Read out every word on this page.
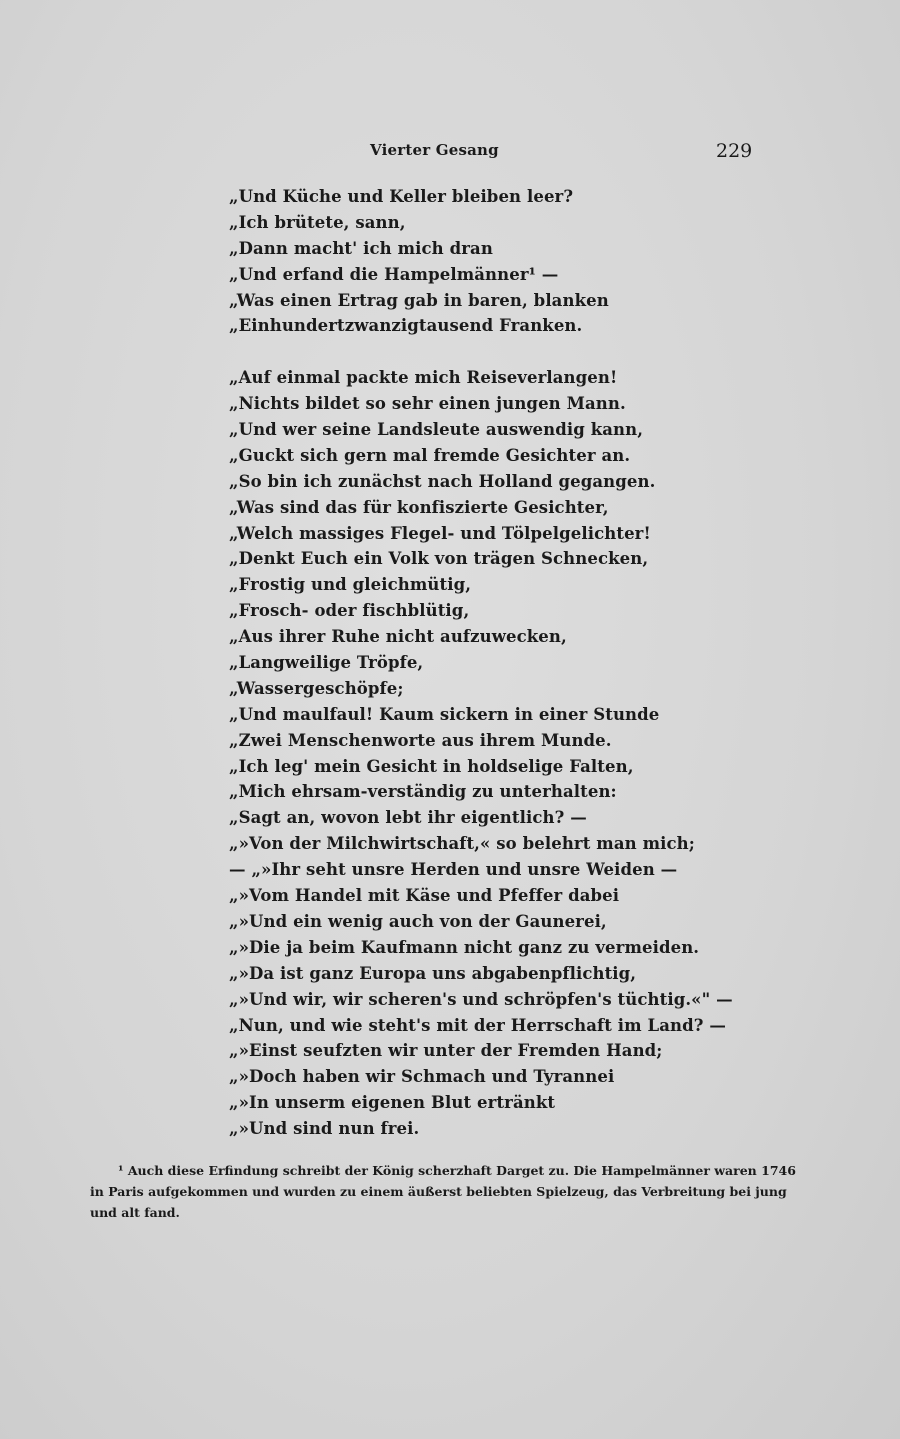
Vierter Gesang	229
„Und Küche und Keller bleiben leer?
„Ich brütete, sann,
„Dann macht' ich mich dran
„Und erfand die Hampelmänner¹ —
„Was einen Ertrag gab in baren, blanken
„Einhundertzwanzigtausend Franken.
„Auf einmal packte mich Reiseverlangen!
„Nichts bildet so sehr einen jungen Mann.
„Und wer seine Landsleute auswendig kann,
„Guckt sich gern mal fremde Gesichter an.
„So bin ich zunächst nach Holland gegangen.
„Was sind das für konfiszierte Gesichter,
„Welch massiges Flegel- und Tölpelgelichter!
„Denkt Euch ein Volk von trägen Schnecken,
„Frostig und gleichmütig,
„Frosch- oder fischblütig,
„Aus ihrer Ruhe nicht aufzuwecken,
„Langweilige Tröpfe,
„Wassergeschöpfe;
„Und maulfaul! Kaum sickern in einer Stunde
„Zwei Menschenworte aus ihrem Munde.
„Ich leg' mein Gesicht in holdselige Falten,
„Mich ehrsam-verständig zu unterhalten:
„Sagt an, wovon lebt ihr eigentlich? —
„»Von der Milchwirtschaft,« so belehrt man mich;
— „»Ihr seht unsre Herden und unsre Weiden —
„»Vom Handel mit Käse und Pfeffer dabei
„»Und ein wenig auch von der Gaunerei,
„»Die ja beim Kaufmann nicht ganz zu vermeiden.
„»Da ist ganz Europa uns abgabenpflichtig,
„»Und wir, wir scheren's und schröpfen's tüchtig.«" —
„Nun, und wie steht's mit der Herrschaft im Land? —
„»Einst seufzten wir unter der Fremden Hand;
„»Doch haben wir Schmach und Tyrannei
„»In unserm eigenen Blut ertränkt
„»Und sind nun frei.
¹ Auch diese Erfindung schreibt der König scherzhaft Darget zu. Die Hampelmänner waren 1746
in Paris aufgekommen und wurden zu einem äußerst beliebten Spielzeug, das Verbreitung bei jung
und alt fand.
